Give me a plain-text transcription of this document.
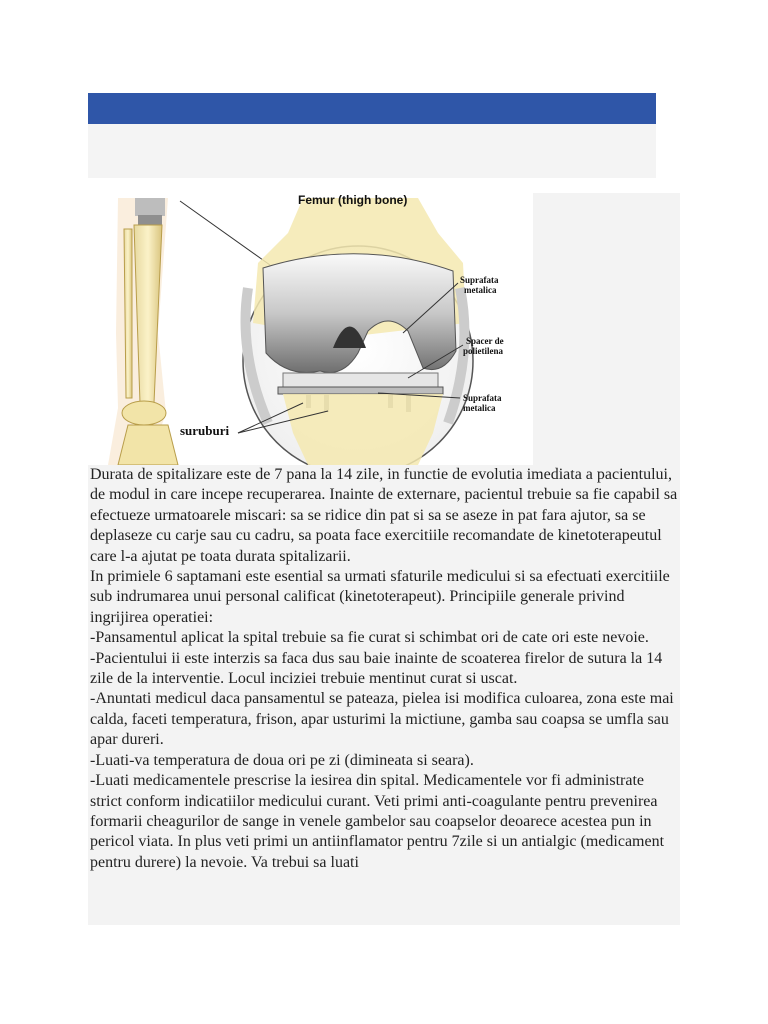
Femur (thigh bone)
Suprafata
metalica
Spacer de
polietilena
Suprafata
metalica
suruburi

Durata de spitalizare este de 7 pana la 14 zile, in functie de evolutia imediata a pacientului, de modul in care incepe recuperarea. Inainte de externare, pacientul trebuie sa fie capabil sa efectueze urmatoarele miscari: sa se ridice din pat si sa se aseze in pat fara ajutor, sa se deplaseze cu carje sau cu cadru, sa poata face exercitiile recomandate de kinetoterapeutul care l-a ajutat pe toata durata spitalizarii.

In primiele 6 saptamani este esential sa urmati sfaturile medicului si sa efectuati exercitiile sub indrumarea unui personal calificat (kinetoterapeut). Principiile generale privind ingrijirea operatiei:

-Pansamentul aplicat la spital trebuie sa fie curat si schimbat ori de cate ori este nevoie.

-Pacientului ii este interzis sa faca dus sau baie inainte de scoaterea firelor de sutura la 14 zile de la interventie. Locul inciziei trebuie mentinut curat si uscat.

-Anuntati medicul daca pansamentul se pateaza, pielea isi modifica culoarea, zona este mai calda, faceti temperatura, frison, apar usturimi la mictiune, gamba sau coapsa se umfla sau apar dureri.

-Luati-va temperatura de doua ori pe zi (dimineata si seara).

-Luati medicamentele prescrise la iesirea din spital. Medicamentele vor fi administrate strict conform indicatiilor medicului curant. Veti primi anti-coagulante pentru prevenirea formarii cheagurilor de sange in venele gambelor sau coapselor deoarece acestea pun in pericol viata. In plus veti primi un antiinflamator pentru 7zile si un antialgic (medicament pentru durere) la nevoie. Va trebui sa luati
